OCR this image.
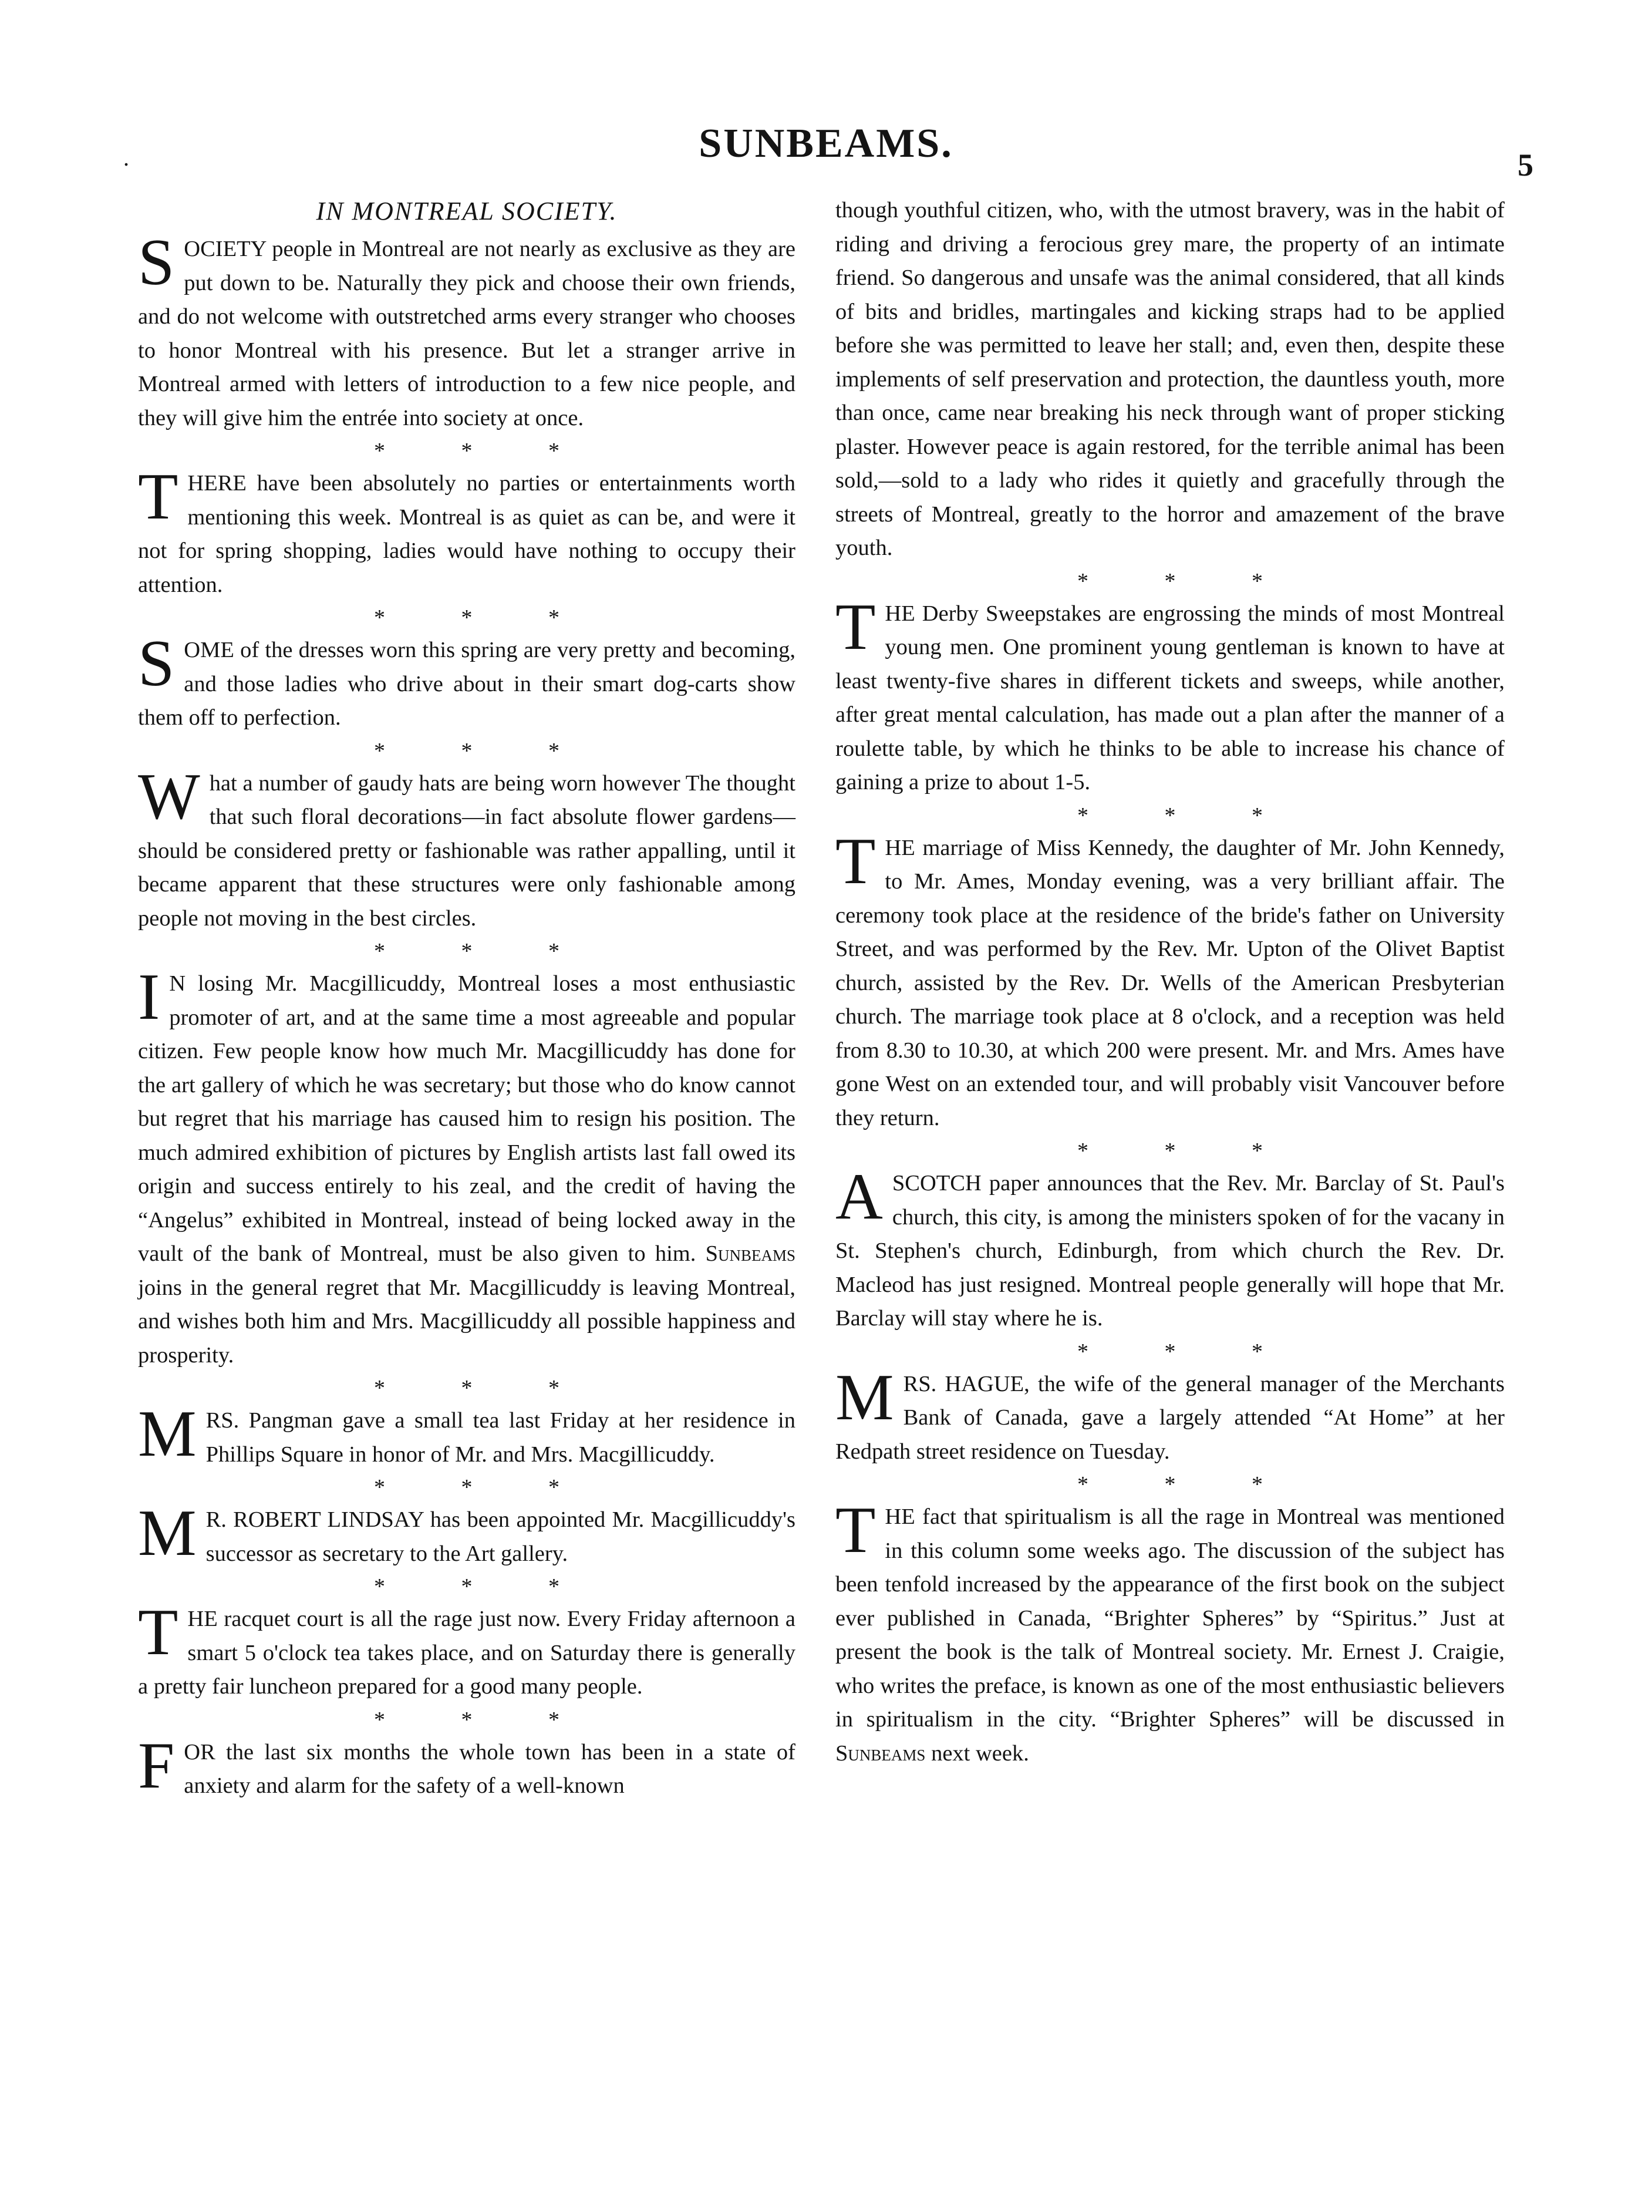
.	SUNBEAMS.	5
IN MONTREAL SOCIETY.

SOCIETY people in Montreal are not nearly as exclusive as they are put down to be. Naturally they pick and choose their own friends, and do not welcome with outstretched arms every stranger who chooses to honor Montreal with his presence. But let a stranger arrive in Montreal armed with letters of introduction to a few nice people, and they will give him the entrée into society at once.

* * *

THERE have been absolutely no parties or entertainments worth mentioning this week. Montreal is as quiet as can be, and were it not for spring shopping, ladies would have nothing to occupy their attention.

* * *

SOME of the dresses worn this spring are very pretty and becoming, and those ladies who drive about in their smart dog-carts show them off to perfection.

* * *

What a number of gaudy hats are being worn however The thought that such floral decorations—in fact absolute flower gardens—should be considered pretty or fashionable was rather appalling, until it became apparent that these structures were only fashionable among people not moving in the best circles.

* * *

I N losing Mr. Macgillicuddy, Montreal loses a most enthusiastic promoter of art, and at the same time a most agreeable and popular citizen. Few people know how much Mr. Macgillicuddy has done for the art gallery of which he was secretary; but those who do know cannot but regret that his marriage has caused him to resign his position. The much admired exhibition of pictures by English artists last fall owed its origin and success entirely to his zeal, and the credit of having the “Angelus” exhibited in Montreal, instead of being locked away in the vault of the bank of Montreal, must be also given to him. Sunbeams joins in the general regret that Mr. Macgillicuddy is leaving Montreal, and wishes both him and Mrs. Macgillicuddy all possible happiness and prosperity.

* * *

MRS. Pangman gave a small tea last Friday at her residence in Phillips Square in honor of Mr. and Mrs. Macgillicuddy.

* * *

M R. ROBERT LINDSAY has been appointed Mr. Macgillicuddy's successor as secretary to the Art gallery.

* * *

THE racquet court is all the rage just now. Every Friday afternoon a smart 5 o'clock tea takes place, and on Saturday there is generally a pretty fair luncheon prepared for a good many people.

* * *

FOR the last six months the whole town has been in a state of anxiety and alarm for the safety of a well-known

though youthful citizen, who, with the utmost bravery, was in the habit of riding and driving a ferocious grey mare, the property of an intimate friend. So dangerous and unsafe was the animal considered, that all kinds of bits and bridles, martingales and kicking straps had to be applied before she was permitted to leave her stall; and, even then, despite these implements of self preservation and protection, the dauntless youth, more than once, came near breaking his neck through want of proper sticking plaster. However peace is again restored, for the terrible animal has been sold,—sold to a lady who rides it quietly and gracefully through the streets of Montreal, greatly to the horror and amazement of the brave youth.

* * *

THE Derby Sweepstakes are engrossing the minds of most Montreal young men. One prominent young gentleman is known to have at least twenty-five shares in different tickets and sweeps, while another, after great mental calculation, has made out a plan after the manner of a roulette table, by which he thinks to be able to increase his chance of gaining a prize to about 1-5.

* * *

THE marriage of Miss Kennedy, the daughter of Mr. John Kennedy, to Mr. Ames, Monday evening, was a very brilliant affair. The ceremony took place at the residence of the bride's father on University Street, and was performed by the Rev. Mr. Upton of the Olivet Baptist church, assisted by the Rev. Dr. Wells of the American Presbyterian church. The marriage took place at 8 o'clock, and a reception was held from 8.30 to 10.30, at which 200 were present. Mr. and Mrs. Ames have gone West on an extended tour, and will probably visit Vancouver before they return.

* * *

ASCOTCH paper announces that the Rev. Mr. Barclay of St. Paul's church, this city, is among the ministers spoken of for the vacany in St. Stephen's church, Edinburgh, from which church the Rev. Dr. Macleod has just resigned. Montreal people generally will hope that Mr. Barclay will stay where he is.

* * *

MRS. HAGUE, the wife of the general manager of the Merchants Bank of Canada, gave a largely attended “At Home” at her Redpath street residence on Tuesday.

* * *

THE fact that spiritualism is all the rage in Montreal was mentioned in this column some weeks ago. The discussion of the subject has been tenfold increased by the appearance of the first book on the subject ever published in Canada, “Brighter Spheres” by “Spiritus.” Just at present the book is the talk of Montreal society. Mr. Ernest J. Craigie, who writes the preface, is known as one of the most enthusiastic believers in spiritualism in the city. “Brighter Spheres” will be discussed in Sunbeams next week.
